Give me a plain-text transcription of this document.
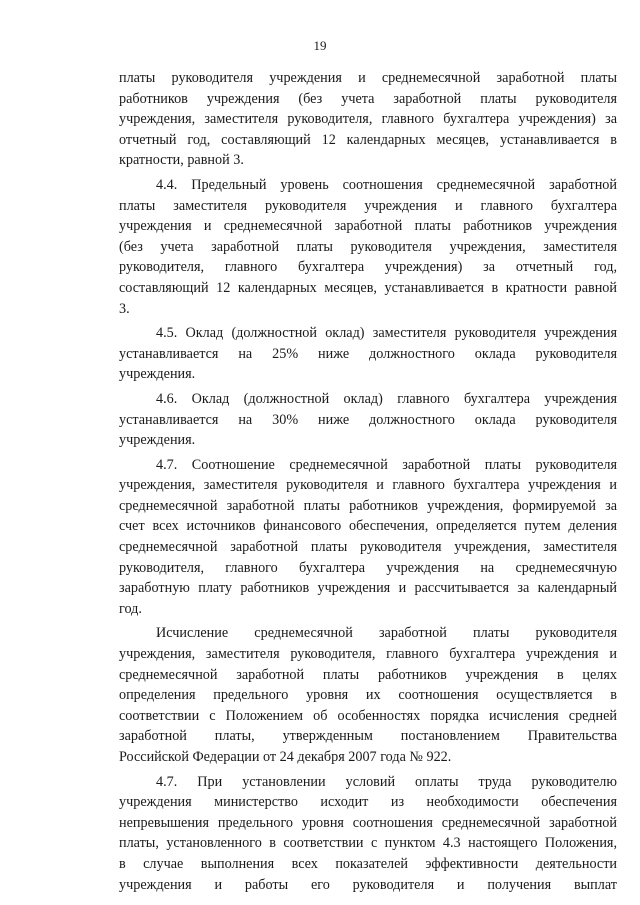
19
платы руководителя учреждения и среднемесячной заработной платы
работников учреждения (без учета заработной платы руководителя
учреждения, заместителя руководителя, главного бухгалтера учреждения) за
отчетный год, составляющий 12 календарных месяцев, устанавливается в
кратности, равной 3.
4.4. Предельный уровень соотношения среднемесячной заработной
платы заместителя руководителя учреждения и главного бухгалтера
учреждения и среднемесячной заработной платы работников учреждения
(без учета заработной платы руководителя учреждения, заместителя
руководителя, главного бухгалтера учреждения) за отчетный год,
составляющий 12 календарных месяцев, устанавливается в кратности равной
3.
4.5. Оклад (должностной оклад) заместителя руководителя учреждения
устанавливается на 25% ниже должностного оклада руководителя
учреждения.
4.6. Оклад (должностной оклад) главного бухгалтера учреждения
устанавливается на 30% ниже должностного оклада руководителя
учреждения.
4.7. Соотношение среднемесячной заработной платы руководителя
учреждения, заместителя руководителя и главного бухгалтера учреждения и
среднемесячной заработной платы работников учреждения, формируемой за
счет всех источников финансового обеспечения, определяется путем деления
среднемесячной заработной платы руководителя учреждения, заместителя
руководителя, главного бухгалтера учреждения на среднемесячную
заработную плату работников учреждения и рассчитывается за календарный
год.
Исчисление среднемесячной заработной платы руководителя
учреждения, заместителя руководителя, главного бухгалтера учреждения и
среднемесячной заработной платы работников учреждения в целях
определения предельного уровня их соотношения осуществляется в
соответствии с Положением об особенностях порядка исчисления средней
заработной платы, утвержденным постановлением Правительства
Российской Федерации от 24 декабря 2007 года № 922.
4.7. При установлении условий оплаты труда руководителю
учреждения министерство исходит из необходимости обеспечения
непревышения предельного уровня соотношения среднемесячной заработной
платы, установленного в соответствии с пунктом 4.3 настоящего Положения,
в случае выполнения всех показателей эффективности деятельности
учреждения и работы его руководителя и получения выплат
